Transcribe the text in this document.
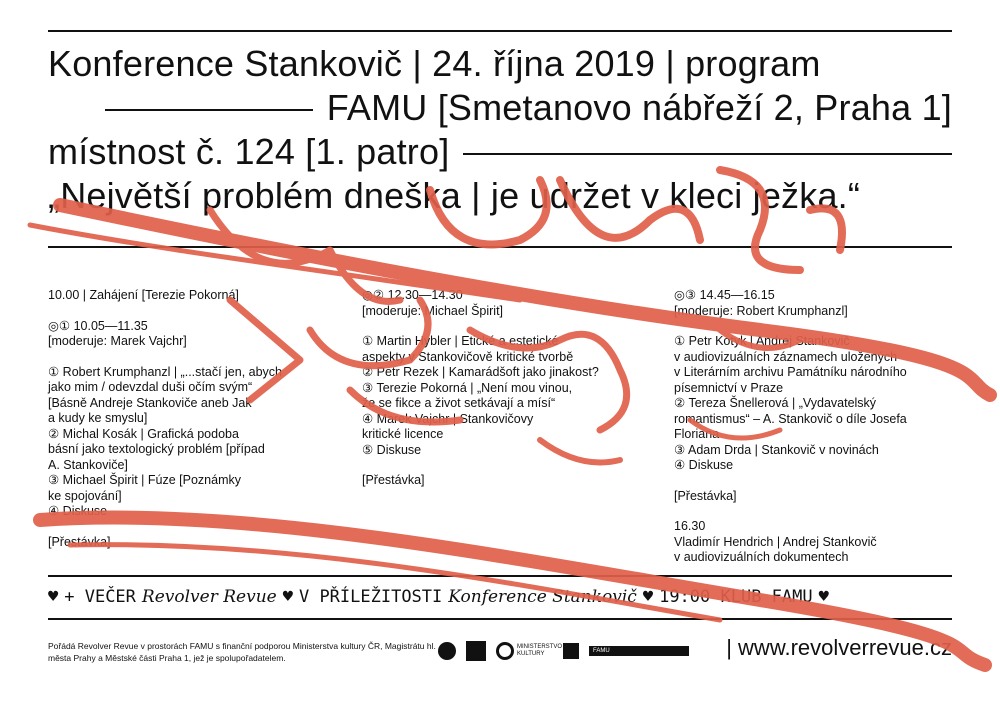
Konference Stankovič | 24. října 2019 | program
FAMU [Smetanovo nábřeží 2, Praha 1]
místnost č. 124 [1. patro]
„Největší problém dneška | je udržet v kleci ježka.“

10.00 | Zahájení [Terezie Pokorná]

◎① 10.05—11.35

[moderuje: Marek Vajchr]

① Robert Krumphanzl | „...stačí jen, abych

jako mim / odevzdal duši očím svým“

[Básně Andreje Stankoviče aneb Jak

a kudy ke smyslu]

② Michal Kosák | Grafická podoba

básní jako textologický problém [případ

A. Stankoviče]

③ Michael Špirit | Fúze [Poznámky

ke spojování]

④ Diskuse

[Přestávka]

◎② 12.30—14.30

[moderuje: Michael Špirit]

① Martin Hybler | Etické a estetické

aspekty v Stankovičově kritické tvorbě

② Petr Rezek | Kamarádšoft jako jinakost?

③ Terezie Pokorná | „Není mou vinou,

že se fikce a život setkávají a mísí“

④ Marek Vajchr | Stankovičovy

kritické licence

⑤ Diskuse

[Přestávka]

◎③ 14.45—16.15

[moderuje: Robert Krumphanzl]

① Petr Kotyk | Andrej Stankovič

v audiovizuálních záznamech uložených

v Literárním archivu Památníku národního

písemnictví v Praze

② Tereza Šnellerová | „Vydavatelský

romantismus“ – A. Stankovič o díle Josefa

Floriana

③ Adam Drda | Stankovič v novinách

④ Diskuse

[Přestávka]

16.30

Vladimír Hendrich | Andrej Stankovič

v audiovizuálních dokumentech

♥ + VEČER Revolver Revue ♥ V PŘÍLEŽITOSTI Konference Stankovič ♥ 19:00 KLUB FAMU ♥
Pořádá Revolver Revue v prostorách FAMU s finanční podporou Ministerstva kultury ČR, Magistrátu hl. města Prahy a Městské části Praha 1, jež je spolupořadatelem.
MINISTERSTVO KULTURY
FAMU	| www.revolverrevue.cz
